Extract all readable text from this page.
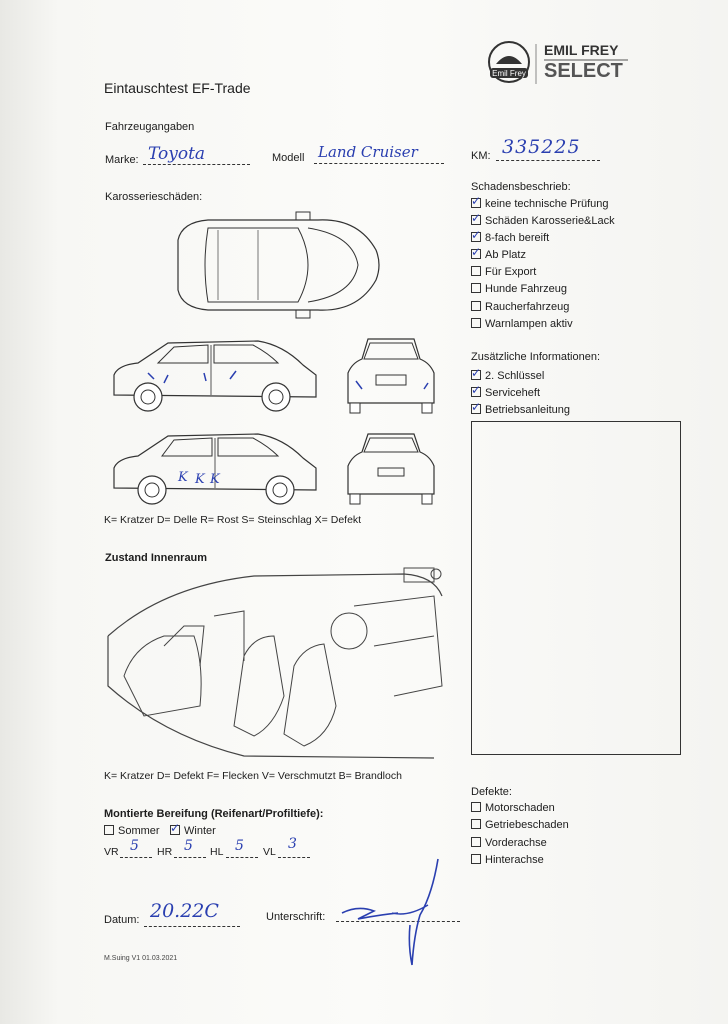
Emil Frey
EMIL FREY
SELECT
Eintauschtest EF-Trade
Fahrzeugangaben
Marke: Toyota	Modell Land Cruiser	KM: 335225
Karosserieschäden:
K K K
K= Kratzer D= Delle R= Rost S= Steinschlag X= Defekt
Schadensbeschrieb:
✓ keine technische Prüfung
✓ Schäden Karosserie&Lack
✓ 8-fach bereift
✓ Ab Platz
Für Export
Hunde Fahrzeug
Raucherfahrzeug
Warnlampen aktiv
Zusätzliche Informationen:
✓ 2. Schlüssel
✓ Serviceheft
✓ Betriebsanleitung
Zustand Innenraum
K= Kratzer D= Defekt F= Flecken V= Verschmutzt B= Brandloch
Montierte Bereifung (Reifenart/Profiltiefe):
Sommer ✓ Winter
VR 5 HR 5 HL 5 VL 3
Defekte:
Motorschaden
Getriebeschaden
Vorderachse
Hinterachse
Datum: 20.22C	Unterschrift:
M.Suing V1 01.03.2021
